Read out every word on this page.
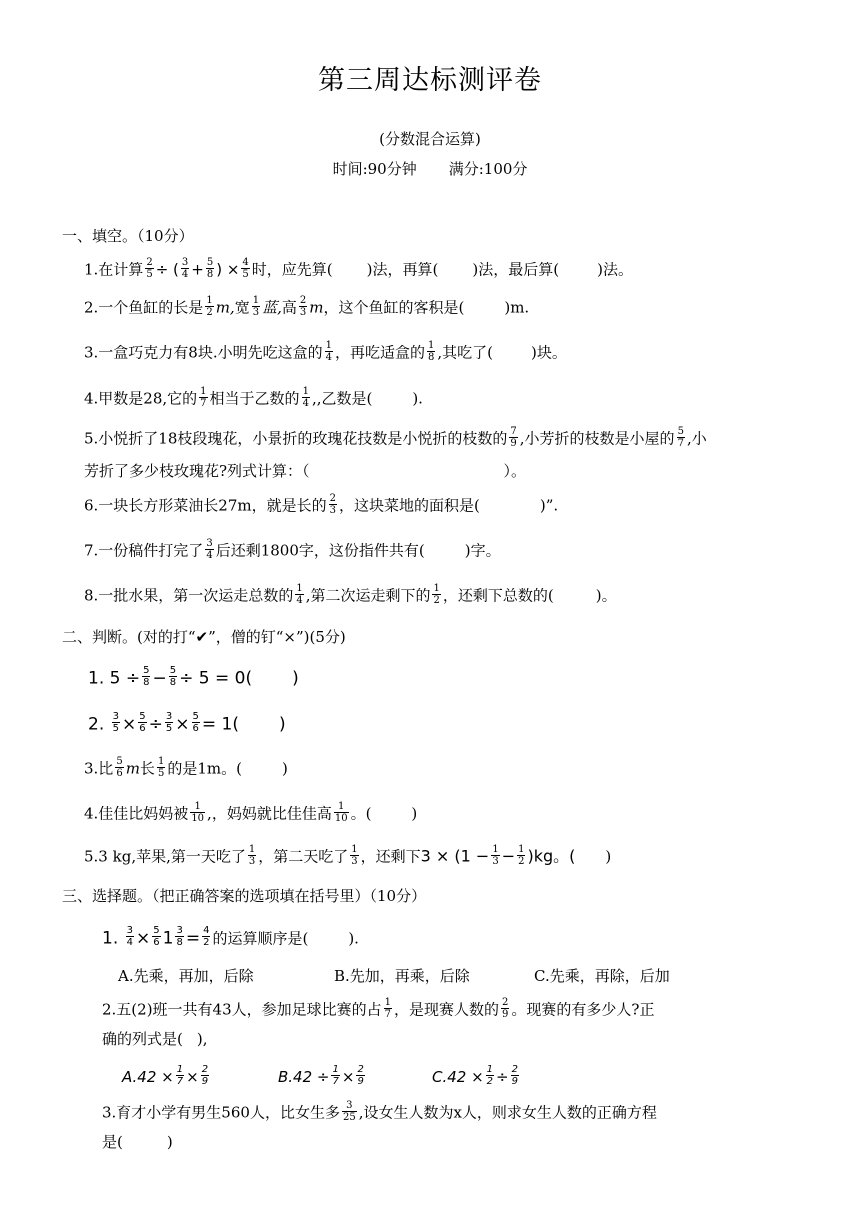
第三周达标测评卷
(分数混合运算)
时间:90分钟 满分:100分
一、填空。（10分）
1.在计算 $\frac{2}{5}$ ÷ ( $\frac{3}{4} + \frac{5}{8}$ ) × $\frac{4}{5}$ 时，应先算( )法，再算( )法，最后算(	)法。
2.一个鱼缸的长是 $\frac{1}{2} m$,宽 $\frac{1}{3}$ 蓝,高 $\frac{2}{3}$ m，这个鱼缸的客积是(	)m.
3.一盒巧克力有8块.小明先吃这盒的 $\frac{1}{4}$ ，再吃适盒的 $\frac{1}{8}$ ,其吃了(	)块。
4.甲数是28,它的 $\frac{1}{7}$ 相当于乙数的 $\frac{1}{4}$ ,,乙数是(	).
5.小悦折了18枝段瑰花，小景折的玫瑰花技数是小悦折的枝数的 $\frac{7}{9}$ ,小芳折的枝数是小屋的 $\frac{5}{7}$ ,小
芳折了多少枝玫瑰花?列式计算：（	）。
6.一块长方形菜油长27m，就是长的 $\frac{2}{3}$ ，这块菜地的面积是(	)”.
7.一份稿件打完了 $\frac{3}{4}$ 后还剩1800字，这份指件共有(	)字。
8.一批水果，第一次运走总数的 $\frac{1}{4}$ ,第二次运走剩下的 $\frac{1}{2}$ ，还剩下总数的(	)。
二、判断。(对的打“✔”，僧的钉“×”)(5分)
1. $5 \div \frac{5}{8} - \frac{5}{8} \div 5 = 0$( )
2. $\frac{3}{5} \times \frac{5}{6} \div \frac{3}{5} \times \frac{5}{6} = 1$( )
3.比 $\frac{5}{6}$ m长 $\frac{1}{5}$ 的是1m。(	)
4.佳佳比妈妈被 $\frac{1}{10}$ ,，妈妈就比佳佳高 $\frac{1}{10}$ 。(	)
5.3 kg,苹果,第一天吃了 $\frac{1}{3}$ ，第二天吃了 $\frac{1}{3}$ ，还剩下$3 \times (1 - \frac{1}{3} - \frac{1}{2} )kg$。( )
三、选择题。（把正确答案的选项填在括号里）（10分）
1. $\frac{3}{4} \times \frac{5}{6} 1 \frac{3}{8} = \frac{4}{2}$ 的运算顺序是(	).
A.先乘，再加，后除	B.先加，再乘，后除	C.先乘，再除，后加
2.五(2)班一共有43人，参加足球比赛的占 $\frac{1}{7}$ ，是现赛人数的 $\frac{2}{9}$ 。现赛的有多少人?正
确的列式是( ),
$A.42 \times \frac{1}{7} \times \frac{2}{9}$	$B.42 \div \frac{1}{7} \times \frac{2}{9}$	$C.42 \times \frac{1}{2} \div \frac{2}{9}$
3.育才小学有男生560人，比女生多 $\frac{3}{25}$ ,设女生人数为x人，则求女生人数的正确方程
是(	)
